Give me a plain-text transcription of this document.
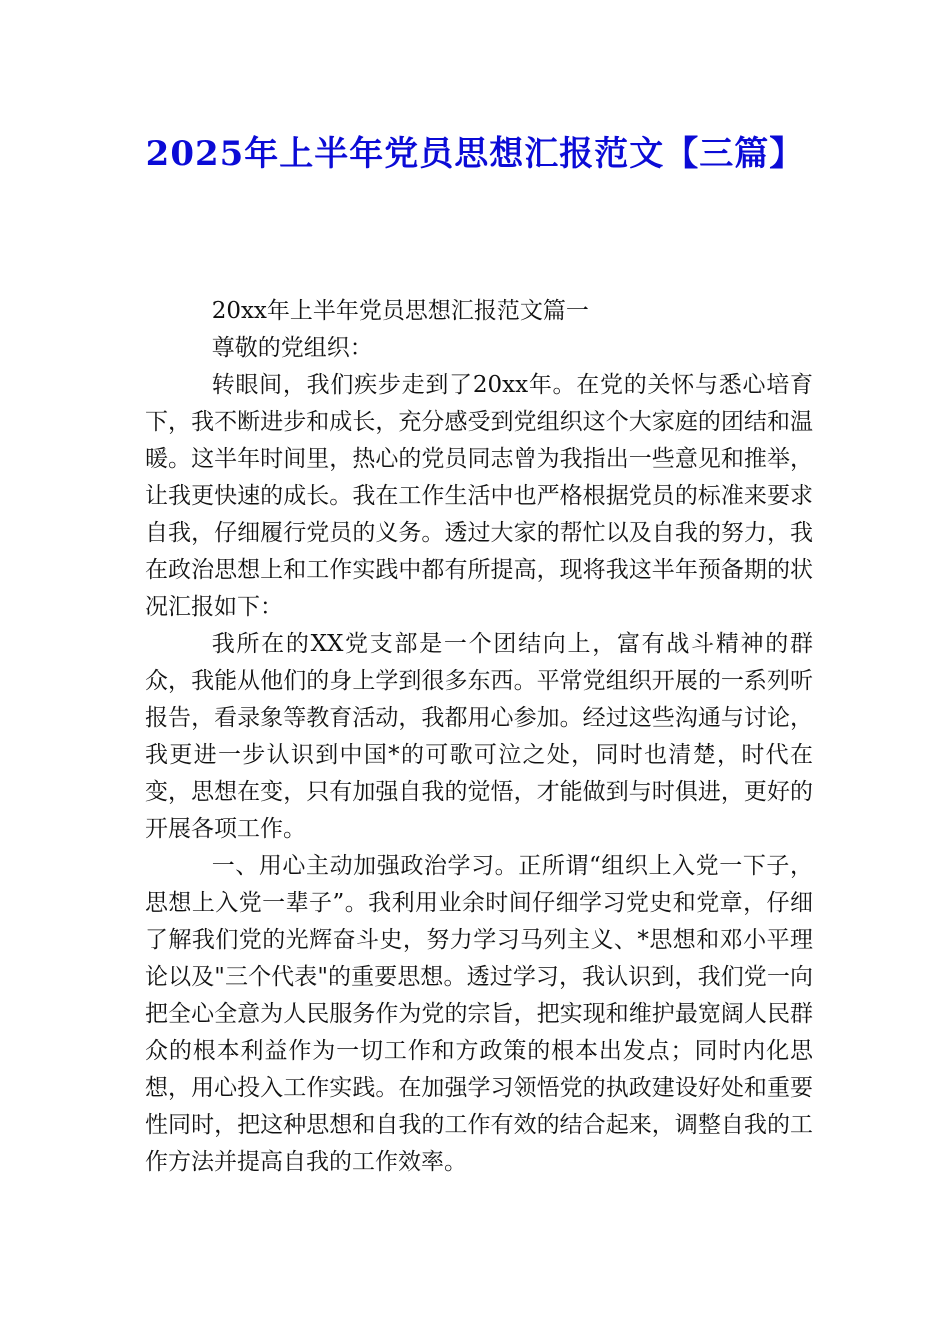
2025年上半年党员思想汇报范文【三篇】

20xx年上半年党员思想汇报范文篇一

尊敬的党组织：

转眼间，我们疾步走到了20xx年。在党的关怀与悉心培育下，我不断进步和成长，充分感受到党组织这个大家庭的团结和温暖。这半年时间里，热心的党员同志曾为我指出一些意见和推举，让我更快速的成长。我在工作生活中也严格根据党员的标准来要求自我，仔细履行党员的义务。透过大家的帮忙以及自我的努力，我在政治思想上和工作实践中都有所提高，现将我这半年预备期的状况汇报如下：

我所在的XX党支部是一个团结向上，富有战斗精神的群众，我能从他们的身上学到很多东西。平常党组织开展的一系列听报告，看录象等教育活动，我都用心参加。经过这些沟通与讨论，我更进一步认识到中国*的可歌可泣之处，同时也清楚，时代在变，思想在变，只有加强自我的觉悟，才能做到与时俱进，更好的开展各项工作。

一、用心主动加强政治学习。正所谓“组织上入党一下子，思想上入党一辈子”。我利用业余时间仔细学习党史和党章，仔细了解我们党的光辉奋斗史，努力学习马列主义、*思想和邓小平理论以及"三个代表"的重要思想。透过学习，我认识到，我们党一向把全心全意为人民服务作为党的宗旨，把实现和维护最宽阔人民群众的根本利益作为一切工作和方政策的根本出发点；同时内化思想，用心投入工作实践。在加强学习领悟党的执政建设好处和重要性同时，把这种思想和自我的工作有效的结合起来，调整自我的工作方法并提高自我的工作效率。
